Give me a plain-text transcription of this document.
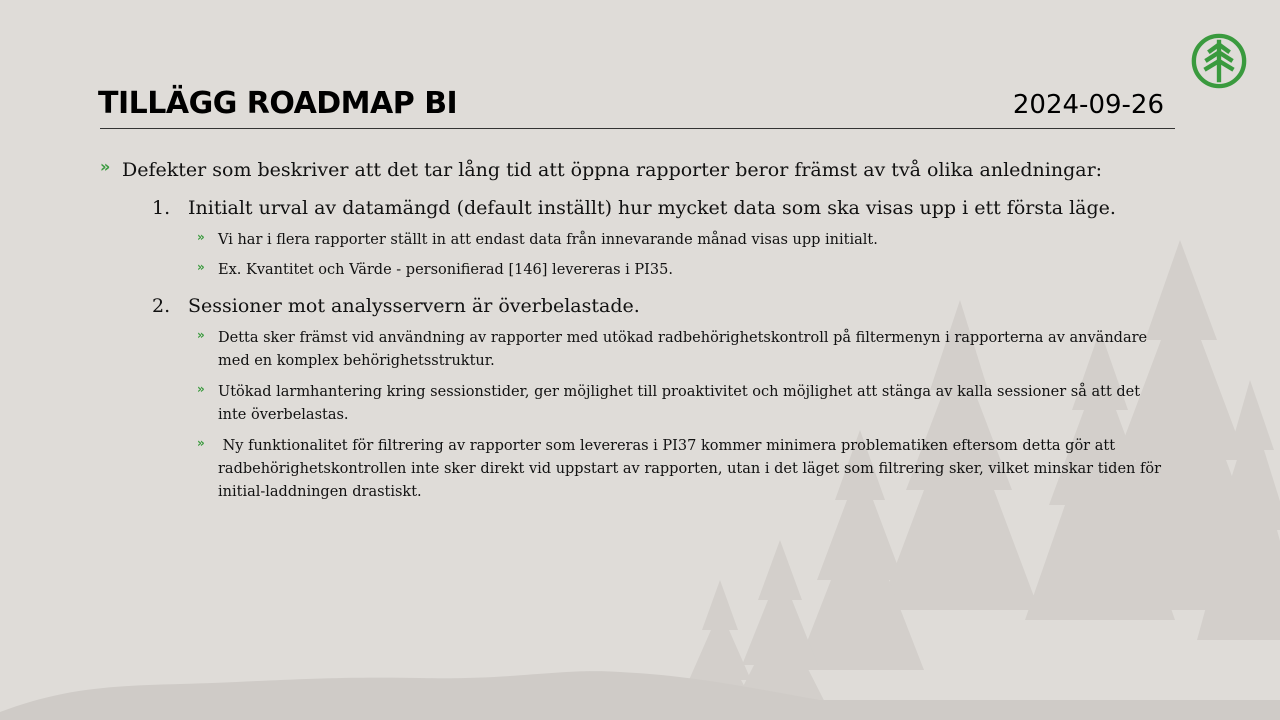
TILLÄGG ROADMAP BI	2024-09-26
» Defekter som beskriver att det tar lång tid att öppna rapporter beror främst av två olika anledningar:
1. Initialt urval av datamängd (default inställt) hur mycket data som ska visas upp i ett första läge.
» Vi har i flera rapporter ställt in att endast data från innevarande månad visas upp initialt.
» Ex. Kvantitet och Värde - personifierad [146] levereras i PI35.
2. Sessioner mot analysservern är överbelastade.
» Detta sker främst vid användning av rapporter med utökad radbehörighetskontroll på filtermenyn i rapporterna av användare med en komplex behörighetsstruktur.
» Utökad larmhantering kring sessionstider, ger möjlighet till proaktivitet och möjlighet att stänga av kalla sessioner så att det inte överbelastas.
» Ny funktionalitet för filtrering av rapporter som levereras i PI37 kommer minimera problematiken eftersom detta gör att radbehörighetskontrollen inte sker direkt vid uppstart av rapporten, utan i det läget som filtrering sker, vilket minskar tiden för initial-laddningen drastiskt.
